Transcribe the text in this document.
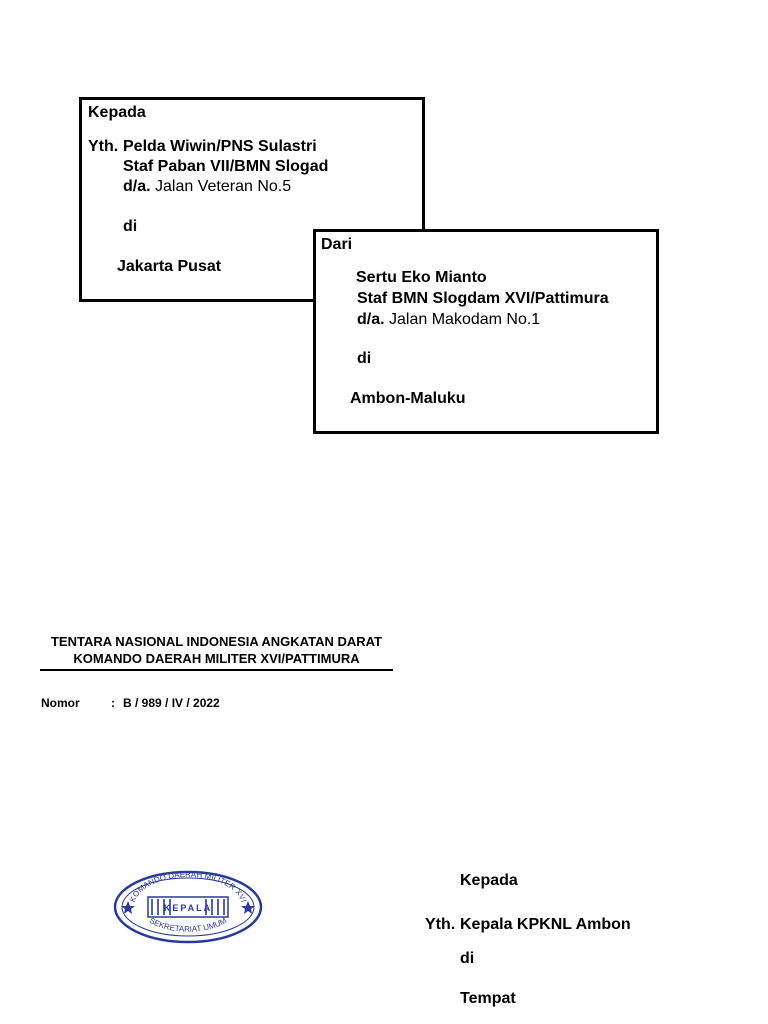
Kepada
Yth. Pelda Wiwin/PNS Sulastri
Staf Paban VII/BMN Slogad
d/a. Jalan Veteran No.5
di
Jakarta Pusat
Dari
Sertu Eko Mianto
Staf BMN Slogdam XVI/Pattimura
d/a. Jalan Makodam No.1
di
Ambon-Maluku
TENTARA NASIONAL INDONESIA ANGKATAN DARAT
KOMANDO DAERAH MILITER XVI/PATTIMURA
Nomor	: B / 989 / IV / 2022
KOMANDO DAERAH MILITER XVI
KEPALA
SEKRETARIAT UMUM
Kepada
Yth. Kepala KPKNL Ambon
di
Tempat
